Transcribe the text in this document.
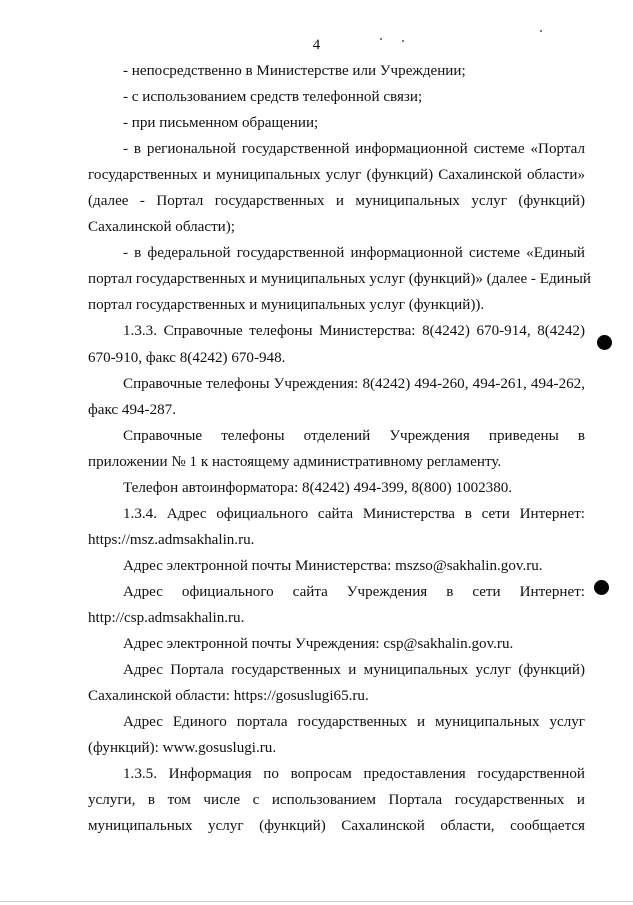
4
- непосредственно в Министерстве или Учреждении;
- с использованием средств телефонной связи;
- при письменном обращении;
- в региональной государственной информационной системе «Портал
государственных и муниципальных услуг (функций) Сахалинской области»
(далее - Портал государственных и муниципальных услуг (функций)
Сахалинской области);
- в федеральной государственной информационной системе «Единый
портал государственных и муниципальных услуг (функций)» (далее - Единый
портал государственных и муниципальных услуг (функций)).
1.3.3. Справочные телефоны Министерства: 8(4242) 670-914, 8(4242)
670-910, факс 8(4242) 670-948.
Справочные телефоны Учреждения: 8(4242) 494-260, 494-261, 494-262,
факс 494-287.
Справочные телефоны отделений Учреждения приведены в
приложении № 1 к настоящему административному регламенту.
Телефон автоинформатора: 8(4242) 494-399, 8(800) 1002380.
1.3.4. Адрес официального сайта Министерства в сети Интернет:
https://msz.admsakhalin.ru.
Адрес электронной почты Министерства: mszso@sakhalin.gov.ru.
Адрес официального сайта Учреждения в сети Интернет:
http://csp.admsakhalin.ru.
Адрес электронной почты Учреждения: csp@sakhalin.gov.ru.
Адрес Портала государственных и муниципальных услуг (функций)
Сахалинской области: https://gosuslugi65.ru.
Адрес Единого портала государственных и муниципальных услуг
(функций): www.gosuslugi.ru.
1.3.5. Информация по вопросам предоставления государственной
услуги, в том числе с использованием Портала государственных и
муниципальных услуг (функций) Сахалинской области, сообщается
